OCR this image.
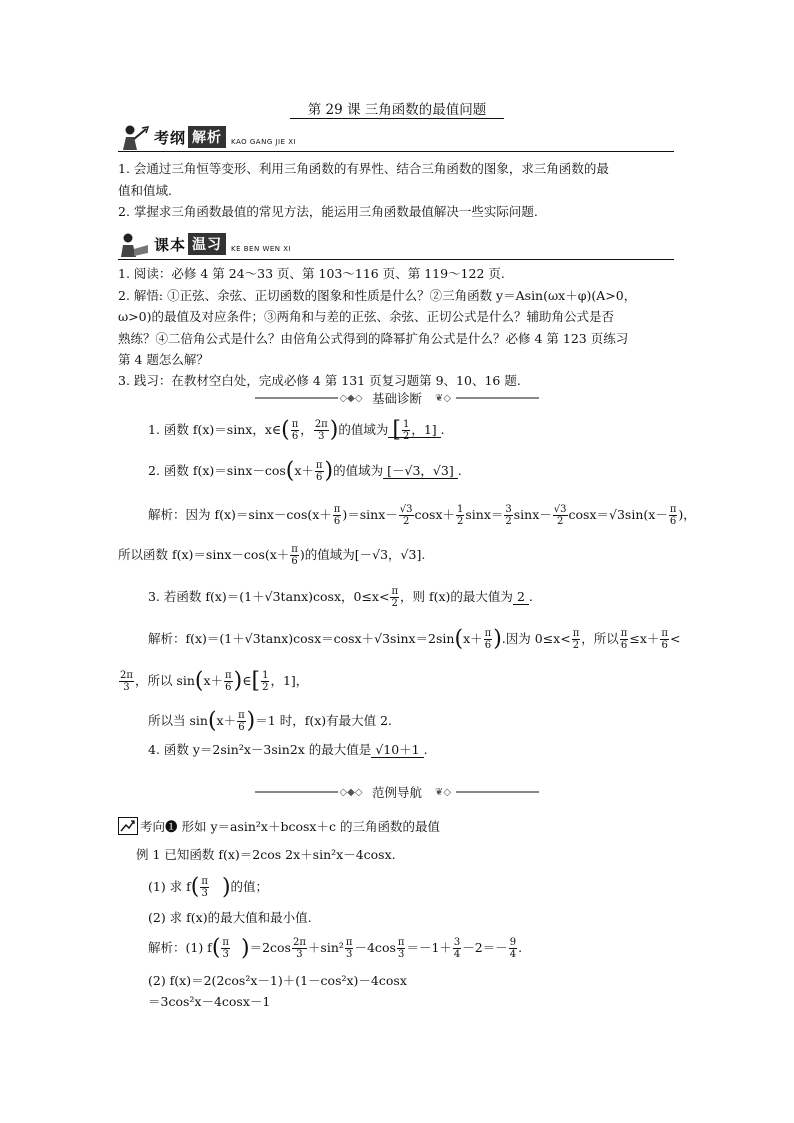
第 29 课 三角函数的最值问题
考纲 解析	KAO GANG JIE XI
1. 会通过三角恒等变形、利用三角函数的有界性、结合三角函数的图象，求三角函数的最
值和值域.
2. 掌握求三角函数最值的常见方法，能运用三角函数最值解决一些实际问题.
课本 温习	KE BEN WEN XI
1. 阅读：必修 4 第 24～33 页、第 103～116 页、第 119～122 页.
2. 解悟: ①正弦、余弦、正切函数的图象和性质是什么？②三角函数 y＝Asin(ωx＋φ)(A>0，
ω>0)的最值及对应条件；③两角和与差的正弦、余弦、正切公式是什么？辅助角公式是否
熟练？④二倍角公式是什么？由倍角公式得到的降幂扩角公式是什么？必修 4 第 123 页练习
第 4 题怎么解？
3. 践习：在教材空白处，完成必修 4 第 131 页复习题第 9、10、16 题.
◇◆◇ 基础诊断	❦◇
1. 函数 f(x)＝sinx，x∈( $\frac{\pi}{6}$ ， $\frac{2\pi}{3}$ )的值域为 [ $\frac{1}{2}$ ，1] .
2. 函数 $f(x)=\sin x-\cos(x+ \frac{\pi}{6}$ )的值域为 [－√3，√3] .
解析：因为 $f(x)=\sin x-\cos(x+ \frac{\pi}{6} )=\sin x- \frac{√3}{2} \cos x+ \frac{1}{2} \sin x= \frac{3}{2} \sin x- \frac{√3}{2} \cos x=√3\sin(x- \frac{\pi}{6}$ )，
所以函数 $f(x)=\sin x-\cos(x+ \frac{\pi}{6}$ )的值域为[－√3，√3].
3. 若函数 f(x)＝(1＋√3tanx)cosx，$0\le x< \frac{\pi}{2}$ ，则 f(x)的最大值为 2 .
解析：$f(x)=(1+√3\tan x)\cos x=\cos x+√3\sin x=2\sin(x+ \frac{\pi}{6}$ ).因为 $0\le x< \frac{\pi}{2}$ ，所以 $\frac{\pi}{6} \le x+ \frac{\pi}{6}$ <
$\frac{2\pi}{3}$ ，所以 $\sin(x+ \frac{\pi}{6}$ )∈[ $\frac{1}{2}$ ，1]，
所以当 $\sin(x+ \frac{\pi}{6} )=1$ 时，f(x)有最大值 2.
4. 函数 y＝2sin²x－3sin2x 的最大值是 √10＋1 .
◇◆◇ 范例导航	❦◇
考向❶ 形如 y＝asin²x＋bcosx＋c 的三角函数的最值
例 1 已知函数 f(x)＝2cos 2x＋sin²x－4cosx.
(1) 求 $f( \frac{\pi}{3}$ )的值；
(2) 求 f(x)的最大值和最小值.
解析：(1) $f( \frac{\pi}{3} )=2\cos \frac{2\pi}{3} +\sin^2 \frac{\pi}{3} -4\cos \frac{\pi}{3} =-1+ \frac{3}{4} -2=- \frac{9}{4}$ .
(2) f(x)＝2(2cos²x－1)＋(1－cos²x)－4cosx
＝3cos²x－4cosx－1
